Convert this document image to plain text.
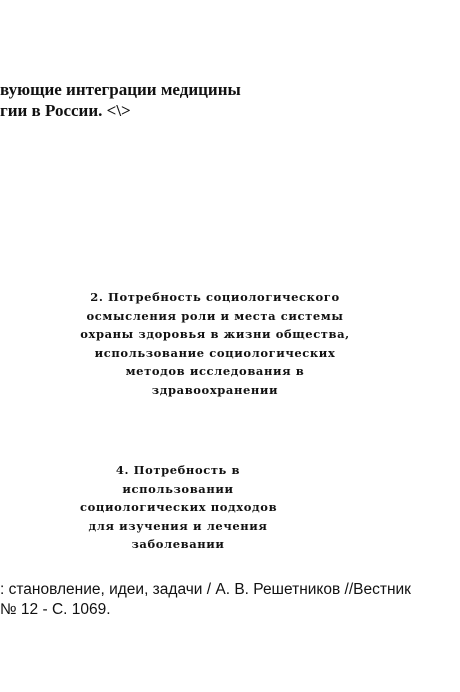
вующие интеграции медицины
гии в России. <\>
2. Потребность социологического
осмысления роли и места системы
охраны здоровья в жизни общества,
использование социологических
методов исследования в
здравоохранении
4. Потребность в
использовании
социологических подходов
для изучения и лечения
заболевании
: становление, идеи, задачи / А. В. Решетников //Вестник
№ 12 - С. 1069.
